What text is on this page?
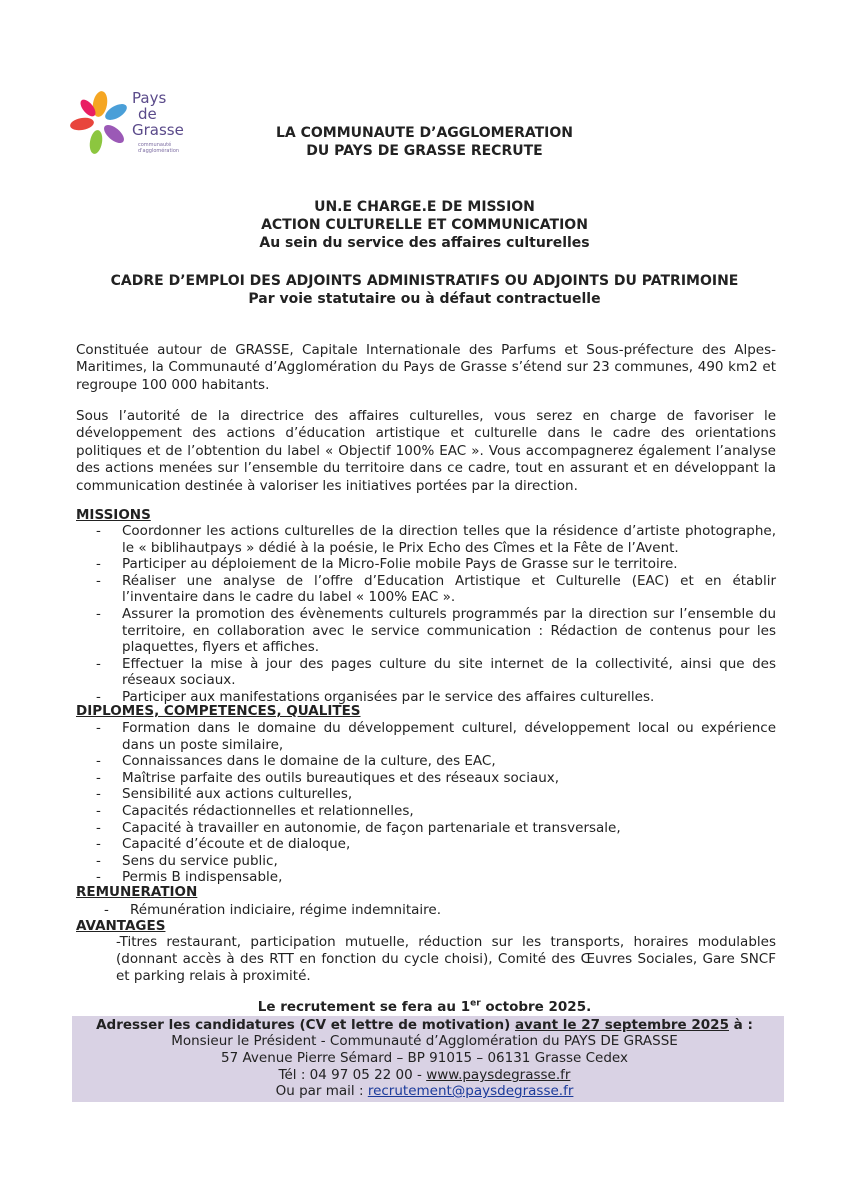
Pays
de
Grasse
communauté
d'agglomération
LA COMMUNAUTE D’AGGLOMERATION
DU PAYS DE GRASSE RECRUTE
UN.E CHARGE.E DE MISSION
ACTION CULTURELLE ET COMMUNICATION
Au sein du service des affaires culturelles
CADRE D’EMPLOI DES ADJOINTS ADMINISTRATIFS OU ADJOINTS DU PATRIMOINE
Par voie statutaire ou à défaut contractuelle

Constituée autour de GRASSE, Capitale Internationale des Parfums et Sous-préfecture des Alpes-Maritimes, la Communauté d’Agglomération du Pays de Grasse s’étend sur 23 communes, 490 km2 et regroupe 100 000 habitants.

Sous l’autorité de la directrice des affaires culturelles, vous serez en charge de favoriser le développement des actions d’éducation artistique et culturelle dans le cadre des orientations politiques et de l’obtention du label « Objectif 100% EAC ». Vous accompagnerez également l’analyse des actions menées sur l’ensemble du territoire dans ce cadre, tout en assurant et en développant la communication destinée à valoriser les initiatives portées par la direction.

MISSIONS
- Coordonner les actions culturelles de la direction telles que la résidence d’artiste photographe, le « biblihautpays » dédié à la poésie, le Prix Echo des Cîmes et la Fête de l’Avent.
- Participer au déploiement de la Micro-Folie mobile Pays de Grasse sur le territoire.
- Réaliser une analyse de l’offre d’Education Artistique et Culturelle (EAC) et en établir l’inventaire dans le cadre du label « 100% EAC ».
- Assurer la promotion des évènements culturels programmés par la direction sur l’ensemble du territoire, en collaboration avec le service communication : Rédaction de contenus pour les plaquettes, flyers et affiches.
- Effectuer la mise à jour des pages culture du site internet de la collectivité, ainsi que des réseaux sociaux.
- Participer aux manifestations organisées par le service des affaires culturelles.
DIPLOMES, COMPETENCES, QUALITES
- Formation dans le domaine du développement culturel, développement local ou expérience dans un poste similaire,
- Connaissances dans le domaine de la culture, des EAC,
- Maîtrise parfaite des outils bureautiques et des réseaux sociaux,
- Sensibilité aux actions culturelles,
- Capacités rédactionnelles et relationnelles,
- Capacité à travailler en autonomie, de façon partenariale et transversale,
- Capacité d’écoute et de dialoque,
- Sens du service public,
- Permis B indispensable,
REMUNERATION
- Rémunération indiciaire, régime indemnitaire.
AVANTAGES

-Titres restaurant, participation mutuelle, réduction sur les transports, horaires modulables (donnant accès à des RTT en fonction du cycle choisi), Comité des Œuvres Sociales, Gare SNCF et parking relais à proximité.

Le recrutement se fera au 1er octobre 2025.
Adresser les candidatures (CV et lettre de motivation) avant le 27 septembre 2025 à :
Monsieur le Président - Communauté d’Agglomération du PAYS DE GRASSE
57 Avenue Pierre Sémard – BP 91015 – 06131 Grasse Cedex
Tél : 04 97 05 22 00 - www.paysdegrasse.fr
Ou par mail : recrutement@paysdegrasse.fr
